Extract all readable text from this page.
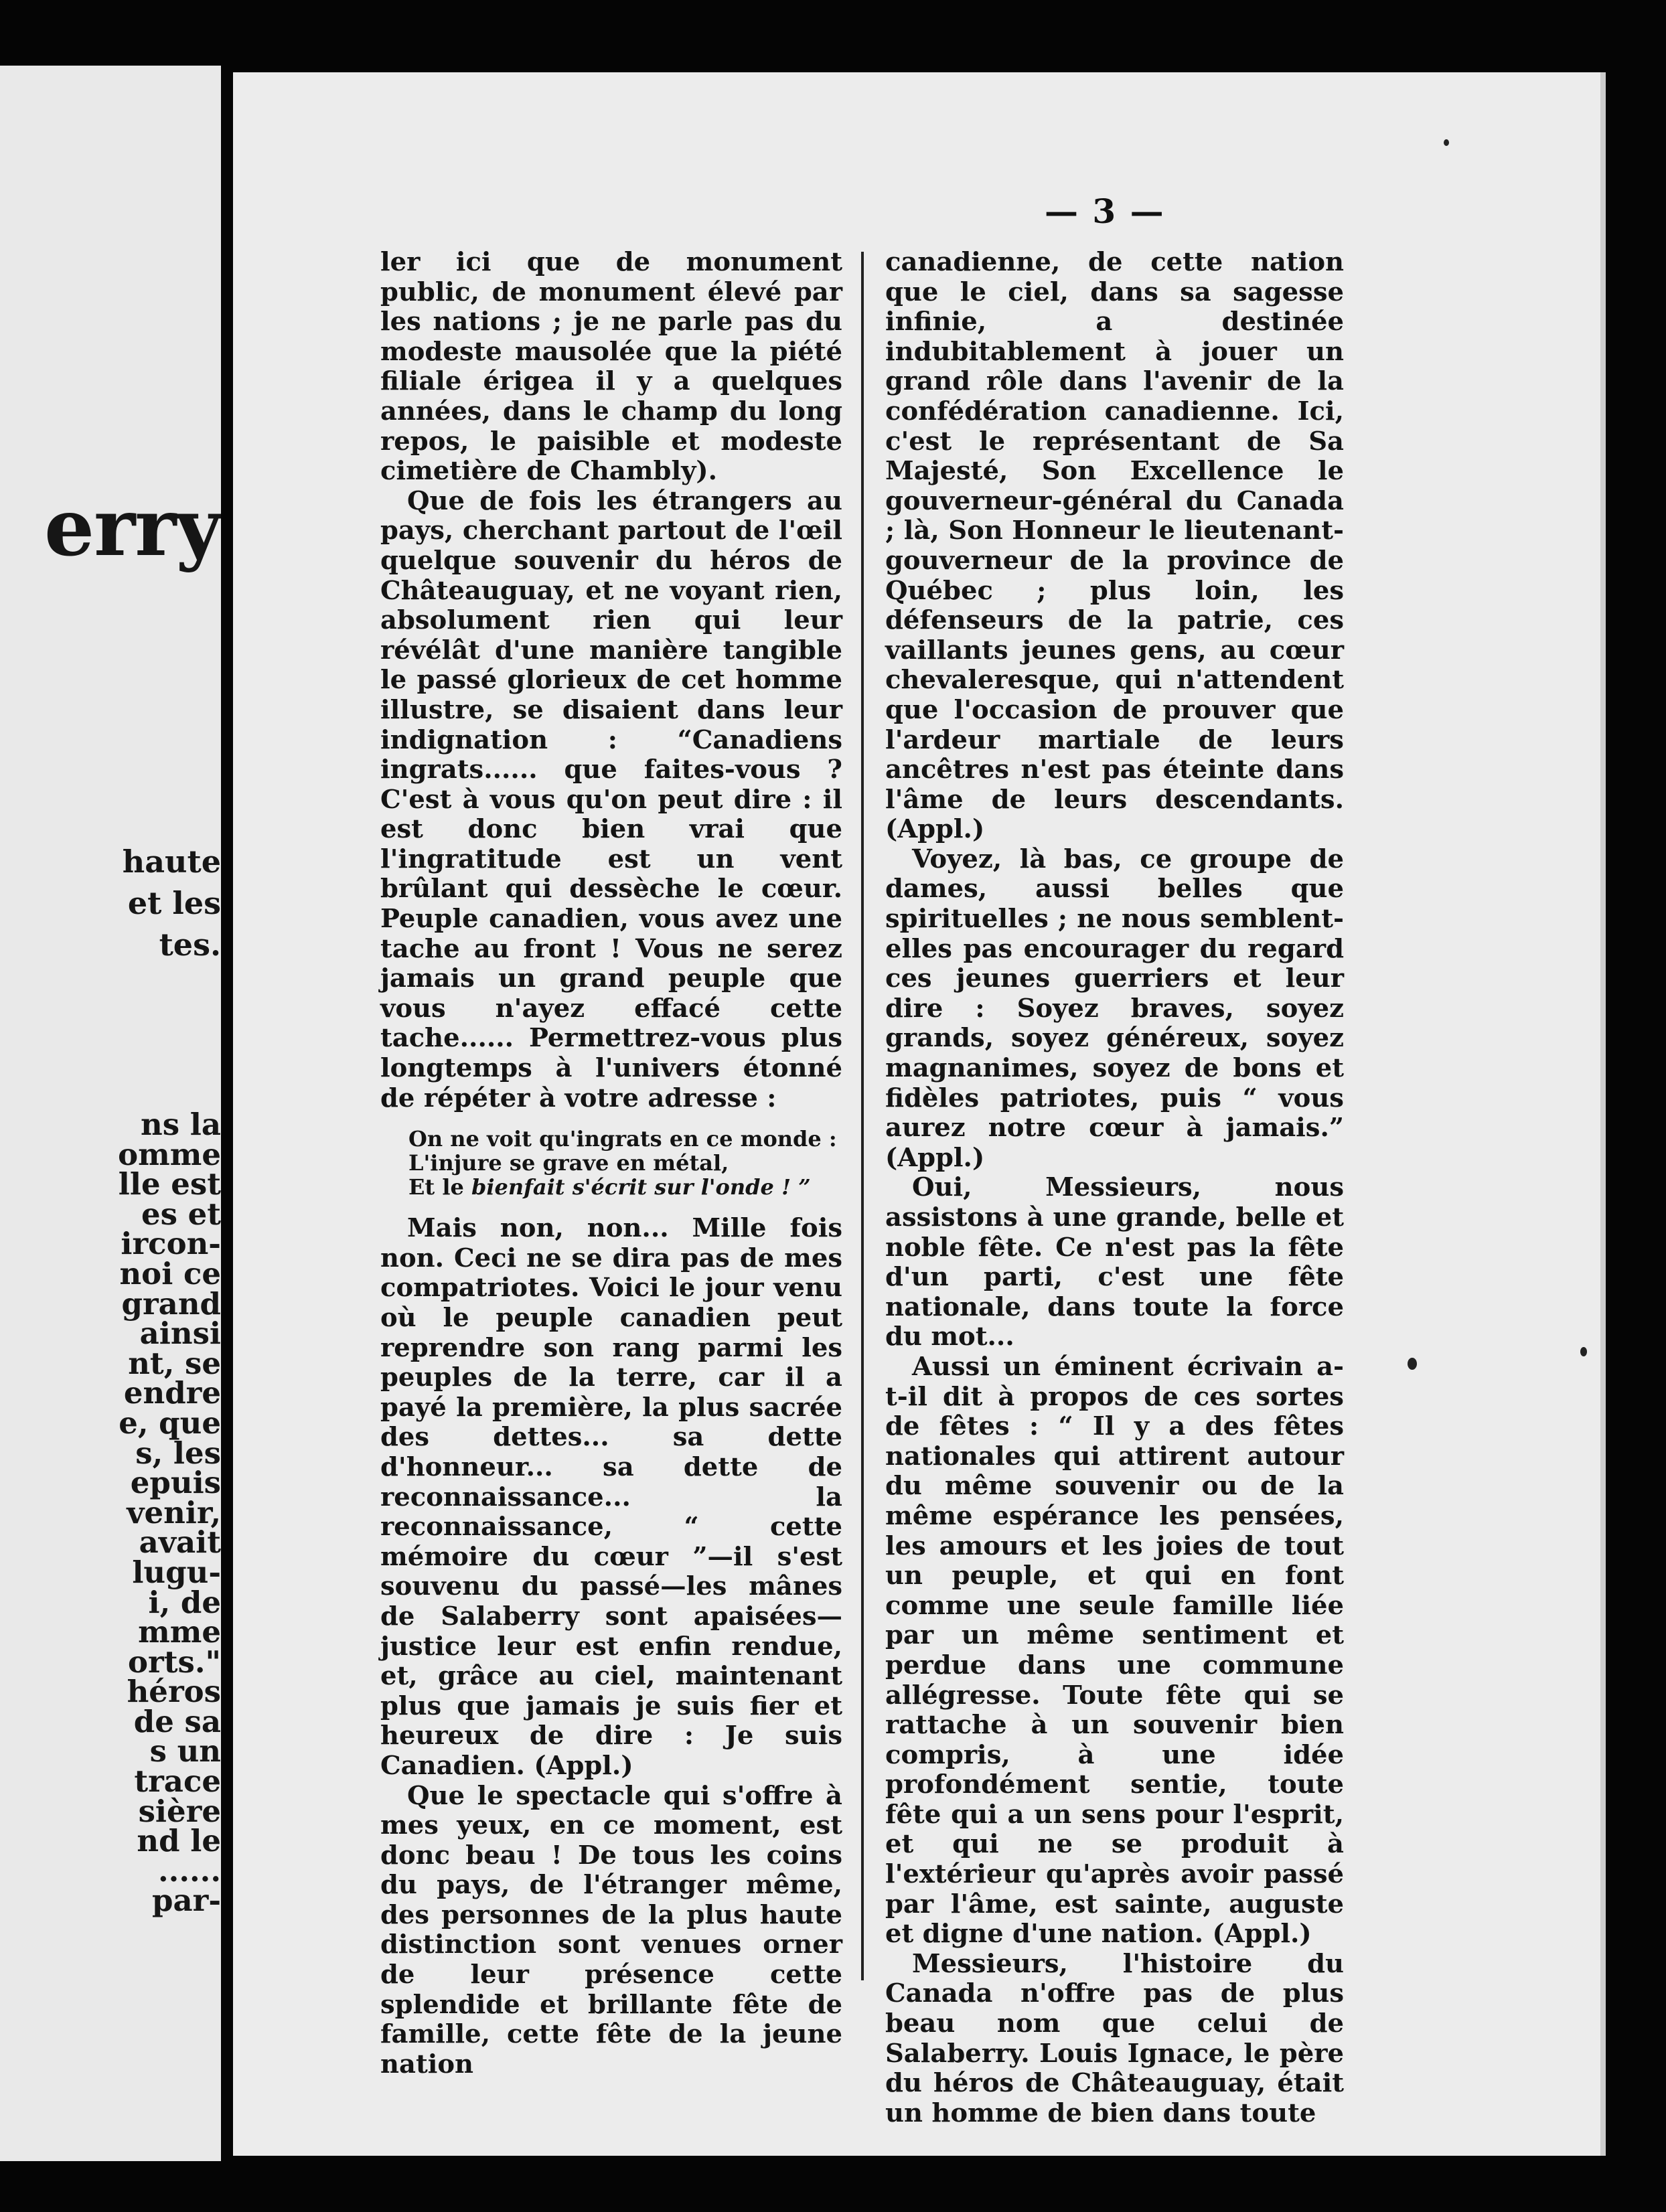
erry
haute
et les
tes.
ns la
omme
lle est
es et
ircon-
noi ce
grand
ainsi
nt, se
endre
e, que
s, les
epuis
venir,
avait
lugu-
i, de
mme
orts."
héros
de sa
s un
trace
sière
nd le
......
par-
— 3 —

ler ici que de monument public, de monument élevé par les nations ; je ne parle pas du modeste mausolée que la piété filiale érigea il y a quelques années, dans le champ du long repos, le paisible et modeste cimetière de Chambly).

Que de fois les étrangers au pays, cherchant partout de l'œil quelque souvenir du héros de Châteauguay, et ne voyant rien, absolument rien qui leur révélât d'une manière tangible le passé glorieux de cet homme illustre, se disaient dans leur indignation : “Canadiens ingrats...... que faites-vous ? C'est à vous qu'on peut dire : il est donc bien vrai que l'ingratitude est un vent brûlant qui dessèche le cœur. Peuple canadien, vous avez une tache au front ! Vous ne serez jamais un grand peuple que vous n'ayez effacé cette tache...... Permettrez-vous plus longtemps à l'univers étonné de répéter à votre adresse :

On ne voit qu'ingrats en ce monde :
L'injure se grave en métal,
Et le bienfait s'écrit sur l'onde ! ”

Mais non, non... Mille fois non. Ceci ne se dira pas de mes compatriotes. Voici le jour venu où le peuple canadien peut reprendre son rang parmi les peuples de la terre, car il a payé la première, la plus sacrée des dettes... sa dette d'honneur... sa dette de reconnaissance... la reconnaissance, “ cette mémoire du cœur ”—il s'est souvenu du passé—les mânes de Salaberry sont apaisées—justice leur est enfin rendue, et, grâce au ciel, maintenant plus que jamais je suis fier et heureux de dire : Je suis Canadien. (Appl.)

Que le spectacle qui s'offre à mes yeux, en ce moment, est donc beau ! De tous les coins du pays, de l'étranger même, des personnes de la plus haute distinction sont venues orner de leur présence cette splendide et brillante fête de famille, cette fête de la jeune nation

canadienne, de cette nation que le ciel, dans sa sagesse infinie, a destinée indubitablement à jouer un grand rôle dans l'avenir de la confédération canadienne. Ici, c'est le représentant de Sa Majesté, Son Excellence le gouverneur-général du Canada ; là, Son Honneur le lieutenant-gouverneur de la province de Québec ; plus loin, les défenseurs de la patrie, ces vaillants jeunes gens, au cœur chevaleresque, qui n'attendent que l'occasion de prouver que l'ardeur martiale de leurs ancêtres n'est pas éteinte dans l'âme de leurs descendants. (Appl.)

Voyez, là bas, ce groupe de dames, aussi belles que spirituelles ; ne nous semblent-elles pas encourager du regard ces jeunes guerriers et leur dire : Soyez braves, soyez grands, soyez généreux, soyez magnanimes, soyez de bons et fidèles patriotes, puis “ vous aurez notre cœur à jamais.” (Appl.)

Oui, Messieurs, nous assistons à une grande, belle et noble fête. Ce n'est pas la fête d'un parti, c'est une fête nationale, dans toute la force du mot...

Aussi un éminent écrivain a-t-il dit à propos de ces sortes de fêtes : “ Il y a des fêtes nationales qui attirent autour du même souvenir ou de la même espérance les pensées, les amours et les joies de tout un peuple, et qui en font comme une seule famille liée par un même sentiment et perdue dans une commune allégresse. Toute fête qui se rattache à un souvenir bien compris, à une idée profondément sentie, toute fête qui a un sens pour l'esprit, et qui ne se produit à l'extérieur qu'après avoir passé par l'âme, est sainte, auguste et digne d'une nation. (Appl.)

Messieurs, l'histoire du Canada n'offre pas de plus beau nom que celui de Salaberry. Louis Ignace, le père du héros de Châteauguay, était un homme de bien dans toute
